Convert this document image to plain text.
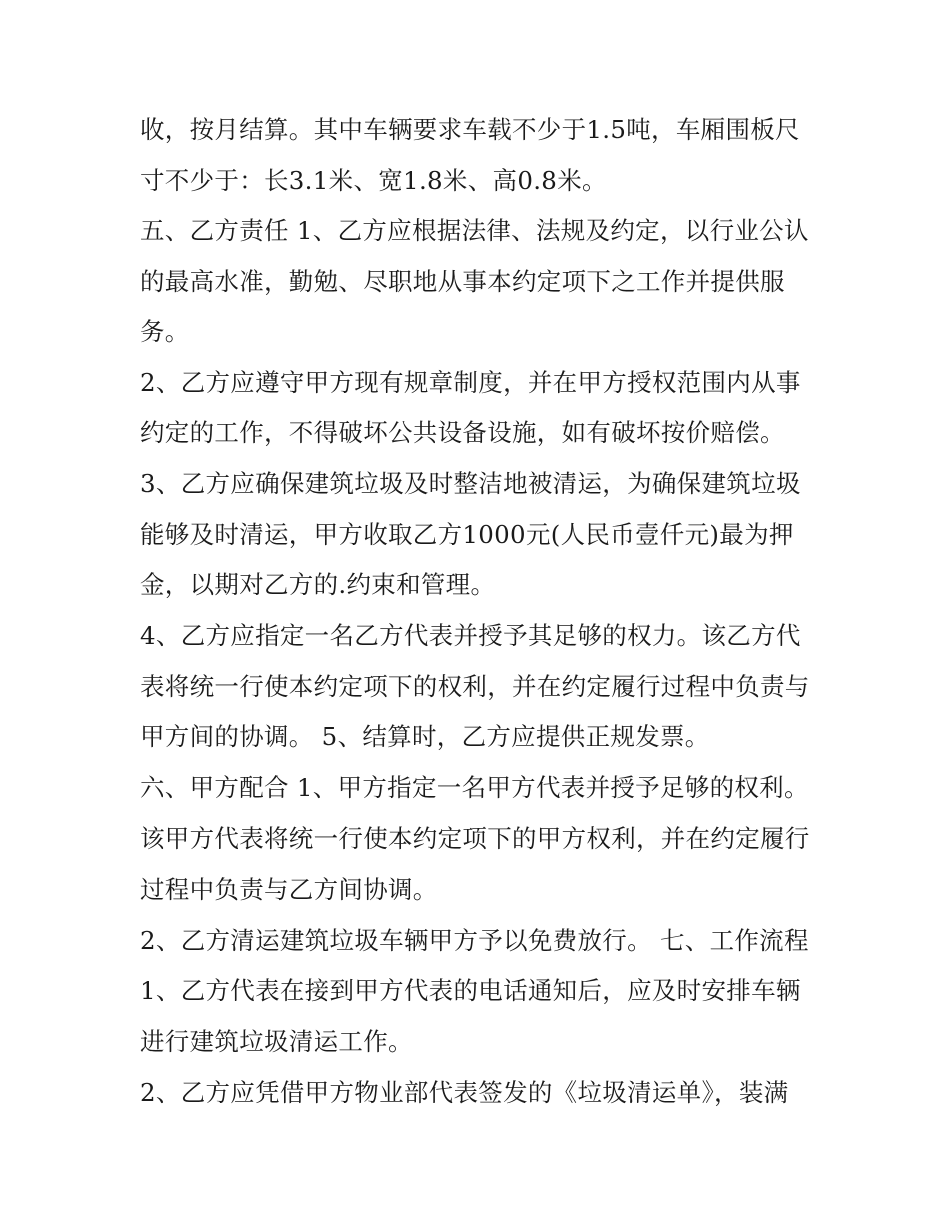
收，按月结算。其中车辆要求车载不少于1.5吨，车厢围板尺
寸不少于：长3.1米、宽1.8米、高0.8米。
五、乙方责任 1、乙方应根据法律、法规及约定，以行业公认
的最高水准，勤勉、尽职地从事本约定项下之工作并提供服
务。
2、乙方应遵守甲方现有规章制度，并在甲方授权范围内从事
约定的工作，不得破坏公共设备设施，如有破坏按价赔偿。
3、乙方应确保建筑垃圾及时整洁地被清运，为确保建筑垃圾
能够及时清运，甲方收取乙方1000元(人民币壹仟元)最为押
金，以期对乙方的.约束和管理。
4、乙方应指定一名乙方代表并授予其足够的权力。该乙方代
表将统一行使本约定项下的权利，并在约定履行过程中负责与
甲方间的协调。 5、结算时，乙方应提供正规发票。
六、甲方配合 1、甲方指定一名甲方代表并授予足够的权利。
该甲方代表将统一行使本约定项下的甲方权利，并在约定履行
过程中负责与乙方间协调。
2、乙方清运建筑垃圾车辆甲方予以免费放行。 七、工作流程
1、乙方代表在接到甲方代表的电话通知后，应及时安排车辆
进行建筑垃圾清运工作。
2、乙方应凭借甲方物业部代表签发的《垃圾清运单》，装满
